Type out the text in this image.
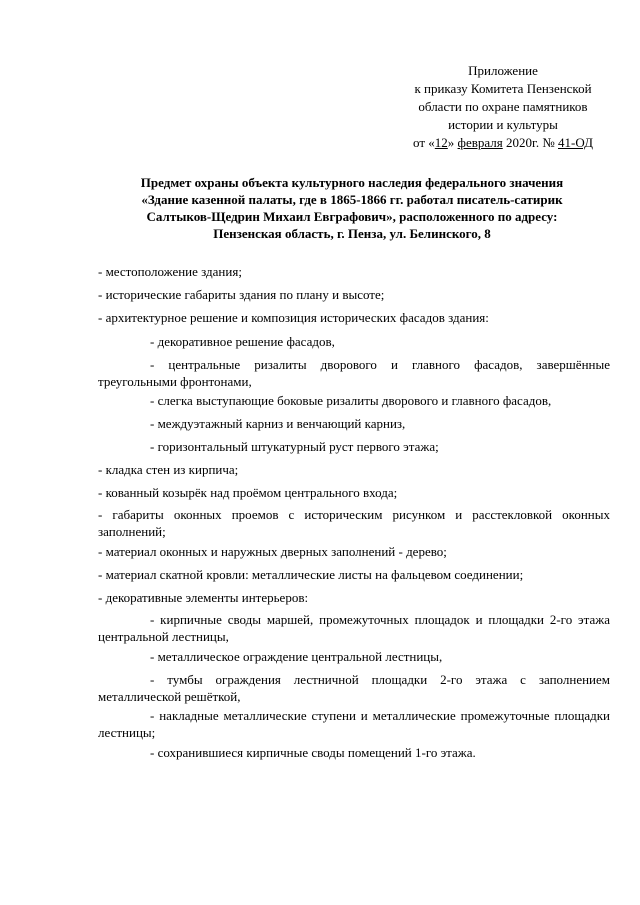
Приложение
к приказу Комитета Пензенской
области по охране памятников
истории и культуры
от «12» февраля 2020г. № 41-ОД
Предмет охраны объекта культурного наследия федерального значения
«Здание казенной палаты, где в 1865-1866 гг. работал писатель-сатирик
Салтыков-Щедрин Михаил Евграфович», расположенного по адресу:
Пензенская область, г. Пенза, ул. Белинского, 8
- местоположение здания;
- исторические габариты здания по плану и высоте;
- архитектурное решение и композиция исторических фасадов здания:
- декоративное решение фасадов,
- центральные ризалиты дворового и главного фасадов, завершённые треугольными фронтонами,
- слегка выступающие боковые ризалиты дворового и главного фасадов,
- междуэтажный карниз и венчающий карниз,
- горизонтальный штукатурный руст первого этажа;
- кладка стен из кирпича;
- кованный козырёк над проёмом центрального входа;
- габариты оконных проемов с историческим рисунком и расстекловкой оконных заполнений;
- материал оконных и наружных дверных заполнений - дерево;
- материал скатной кровли: металлические листы на фальцевом соединении;
- декоративные элементы интерьеров:
- кирпичные своды маршей, промежуточных площадок и площадки 2-го этажа центральной лестницы,
- металлическое ограждение центральной лестницы,
- тумбы ограждения лестничной площадки 2-го этажа с заполнением металлической решёткой,
- накладные металлические ступени и металлические промежуточные площадки лестницы;
- сохранившиеся кирпичные своды помещений 1-го этажа.
